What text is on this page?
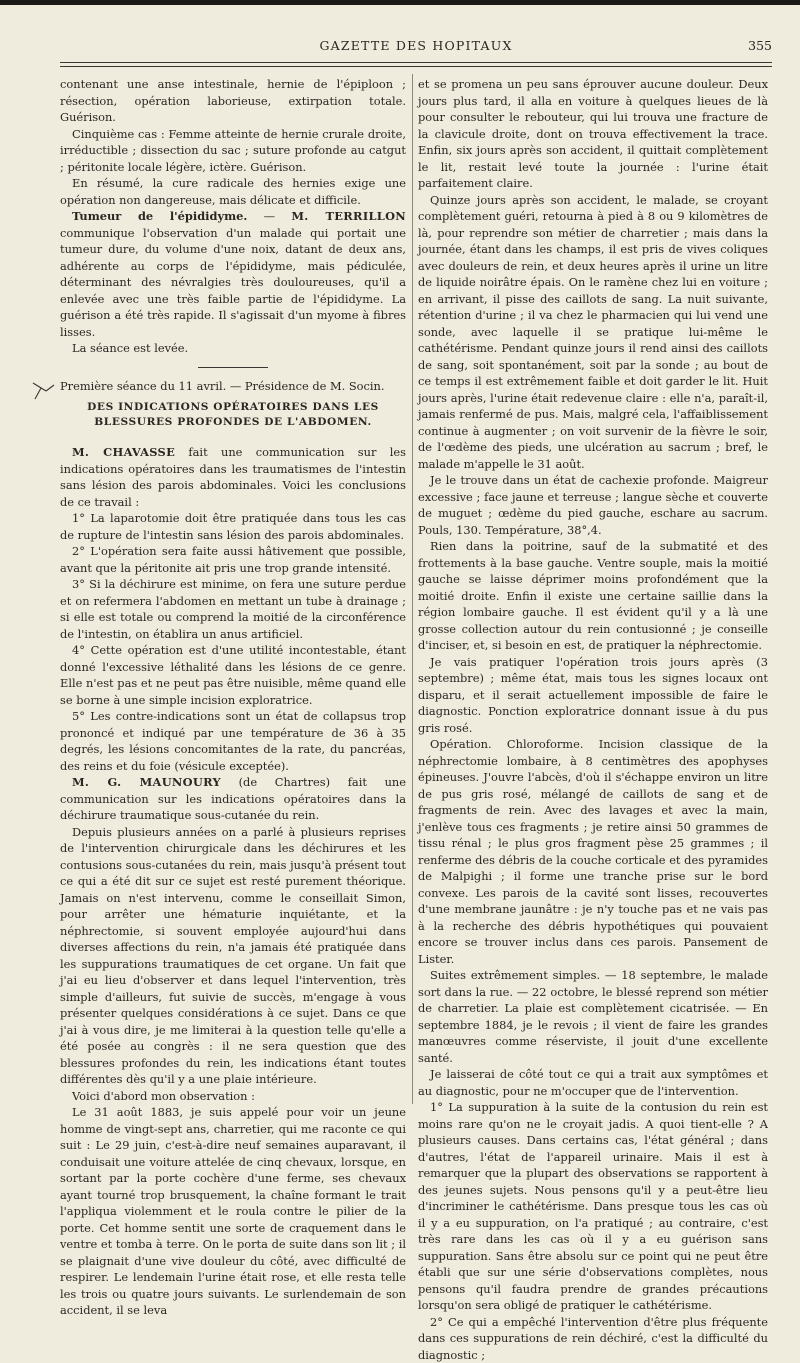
GAZETTE DES HOPITAUX	355

contenant une anse intestinale, hernie de l'épiploon ; résection, opération laborieuse, extirpation totale. Guérison.

Cinquième cas : Femme atteinte de hernie crurale droite, irréductible ; dissection du sac ; suture profonde au catgut ; péritonite locale légère, ictère. Guérison.

En résumé, la cure radicale des hernies exige une opération non dangereuse, mais délicate et difficile.

Tumeur de l'épididyme. — M. TERRILLON communique l'observation d'un malade qui portait une tumeur dure, du volume d'une noix, datant de deux ans, adhérente au corps de l'épididyme, mais pédiculée, déterminant des névralgies très douloureuses, qu'il a enlevée avec une très faible partie de l'épididyme. La guérison a été très rapide. Il s'agissait d'un myome à fibres lisses.

La séance est levée.

Première séance du 11 avril. — Présidence de M. Socin.

DES INDICATIONS OPÉRATOIRES DANS LES BLESSURES PROFONDES DE L'ABDOMEN.

M. CHAVASSE fait une communication sur les indications opératoires dans les traumatismes de l'intestin sans lésion des parois abdominales. Voici les conclusions de ce travail :

1° La laparotomie doit être pratiquée dans tous les cas de rupture de l'intestin sans lésion des parois abdominales.

2° L'opération sera faite aussi hâtivement que possible, avant que la péritonite ait pris une trop grande intensité.

3° Si la déchirure est minime, on fera une suture perdue et on refermera l'abdomen en mettant un tube à drainage ; si elle est totale ou comprend la moitié de la circonférence de l'intestin, on établira un anus artificiel.

4° Cette opération est d'une utilité incontestable, étant donné l'excessive léthalité dans les lésions de ce genre. Elle n'est pas et ne peut pas être nuisible, même quand elle se borne à une simple incision exploratrice.

5° Les contre-indications sont un état de collapsus trop prononcé et indiqué par une température de 36 à 35 degrés, les lésions concomitantes de la rate, du pancréas, des reins et du foie (vésicule exceptée).

M. G. MAUNOURY (de Chartres) fait une communication sur les indications opératoires dans la déchirure traumatique sous-cutanée du rein.

Depuis plusieurs années on a parlé à plusieurs reprises de l'intervention chirurgicale dans les déchirures et les contusions sous-cutanées du rein, mais jusqu'à présent tout ce qui a été dit sur ce sujet est resté purement théorique. Jamais on n'est intervenu, comme le conseillait Simon, pour arrêter une hématurie inquiétante, et la néphrectomie, si souvent employée aujourd'hui dans diverses affections du rein, n'a jamais été pratiquée dans les suppurations traumatiques de cet organe. Un fait que j'ai eu lieu d'observer et dans lequel l'intervention, très simple d'ailleurs, fut suivie de succès, m'engage à vous présenter quelques considérations à ce sujet. Dans ce que j'ai à vous dire, je me limiterai à la question telle qu'elle a été posée au congrès : il ne sera question que des blessures profondes du rein, les indications étant toutes différentes dès qu'il y a une plaie intérieure.

Voici d'abord mon observation :

Le 31 août 1883, je suis appelé pour voir un jeune homme de vingt-sept ans, charretier, qui me raconte ce qui suit : Le 29 juin, c'est-à-dire neuf semaines auparavant, il conduisait une voiture attelée de cinq chevaux, lorsque, en sortant par la porte cochère d'une ferme, ses chevaux ayant tourné trop brusquement, la chaîne formant le trait l'appliqua violemment et le roula contre le pilier de la porte. Cet homme sentit une sorte de craquement dans le ventre et tomba à terre. On le porta de suite dans son lit ; il se plaignait d'une vive douleur du côté, avec difficulté de respirer. Le lendemain l'urine était rose, et elle resta telle les trois ou quatre jours suivants. Le surlendemain de son accident, il se leva

et se promena un peu sans éprouver aucune douleur. Deux jours plus tard, il alla en voiture à quelques lieues de là pour consulter le rebouteur, qui lui trouva une fracture de la clavicule droite, dont on trouva effectivement la trace. Enfin, six jours après son accident, il quittait complètement le lit, restait levé toute la journée : l'urine était parfaitement claire.

Quinze jours après son accident, le malade, se croyant complètement guéri, retourna à pied à 8 ou 9 kilomètres de là, pour reprendre son métier de charretier ; mais dans la journée, étant dans les champs, il est pris de vives coliques avec douleurs de rein, et deux heures après il urine un litre de liquide noirâtre épais. On le ramène chez lui en voiture ; en arrivant, il pisse des caillots de sang. La nuit suivante, rétention d'urine ; il va chez le pharmacien qui lui vend une sonde, avec laquelle il se pratique lui-même le cathétérisme. Pendant quinze jours il rend ainsi des caillots de sang, soit spontanément, soit par la sonde ; au bout de ce temps il est extrêmement faible et doit garder le lit. Huit jours après, l'urine était redevenue claire : elle n'a, paraît-il, jamais renfermé de pus. Mais, malgré cela, l'affaiblissement continue à augmenter ; on voit survenir de la fièvre le soir, de l'œdème des pieds, une ulcération au sacrum ; bref, le malade m'appelle le 31 août.

Je le trouve dans un état de cachexie profonde. Maigreur excessive ; face jaune et terreuse ; langue sèche et couverte de muguet ; œdème du pied gauche, eschare au sacrum. Pouls, 130. Température, 38°,4.

Rien dans la poitrine, sauf de la submatité et des frottements à la base gauche. Ventre souple, mais la moitié gauche se laisse déprimer moins profondément que la moitié droite. Enfin il existe une certaine saillie dans la région lombaire gauche. Il est évident qu'il y a là une grosse collection autour du rein contusionné ; je conseille d'inciser, et, si besoin en est, de pratiquer la néphrectomie.

Je vais pratiquer l'opération trois jours après (3 septembre) ; même état, mais tous les signes locaux ont disparu, et il serait actuellement impossible de faire le diagnostic. Ponction exploratrice donnant issue à du pus gris rosé.

Opération. Chloroforme. Incision classique de la néphrectomie lombaire, à 8 centimètres des apophyses épineuses. J'ouvre l'abcès, d'où il s'échappe environ un litre de pus gris rosé, mélangé de caillots de sang et de fragments de rein. Avec des lavages et avec la main, j'enlève tous ces fragments ; je retire ainsi 50 grammes de tissu rénal ; le plus gros fragment pèse 25 grammes ; il renferme des débris de la couche corticale et des pyramides de Malpighi ; il forme une tranche prise sur le bord convexe. Les parois de la cavité sont lisses, recouvertes d'une membrane jaunâtre : je n'y touche pas et ne vais pas à la recherche des débris hypothétiques qui pouvaient encore se trouver inclus dans ces parois. Pansement de Lister.

Suites extrêmement simples. — 18 septembre, le malade sort dans la rue. — 22 octobre, le blessé reprend son métier de charretier. La plaie est complètement cicatrisée. — En septembre 1884, je le revois ; il vient de faire les grandes manœuvres comme réserviste, il jouit d'une excellente santé.

Je laisserai de côté tout ce qui a trait aux symptômes et au diagnostic, pour ne m'occuper que de l'intervention.

1° La suppuration à la suite de la contusion du rein est moins rare qu'on ne le croyait jadis. A quoi tient-elle ? A plusieurs causes. Dans certains cas, l'état général ; dans d'autres, l'état de l'appareil urinaire. Mais il est à remarquer que la plupart des observations se rapportent à des jeunes sujets. Nous pensons qu'il y a peut-être lieu d'incriminer le cathétérisme. Dans presque tous les cas où il y a eu suppuration, on l'a pratiqué ; au contraire, c'est très rare dans les cas où il y a eu guérison sans suppuration. Sans être absolu sur ce point qui ne peut être établi que sur une série d'observations complètes, nous pensons qu'il faudra prendre de grandes précautions lorsqu'on sera obligé de pratiquer le cathétérisme.

2° Ce qui a empêché l'intervention d'être plus fréquente dans ces suppurations de rein déchiré, c'est la difficulté du diagnostic ;
